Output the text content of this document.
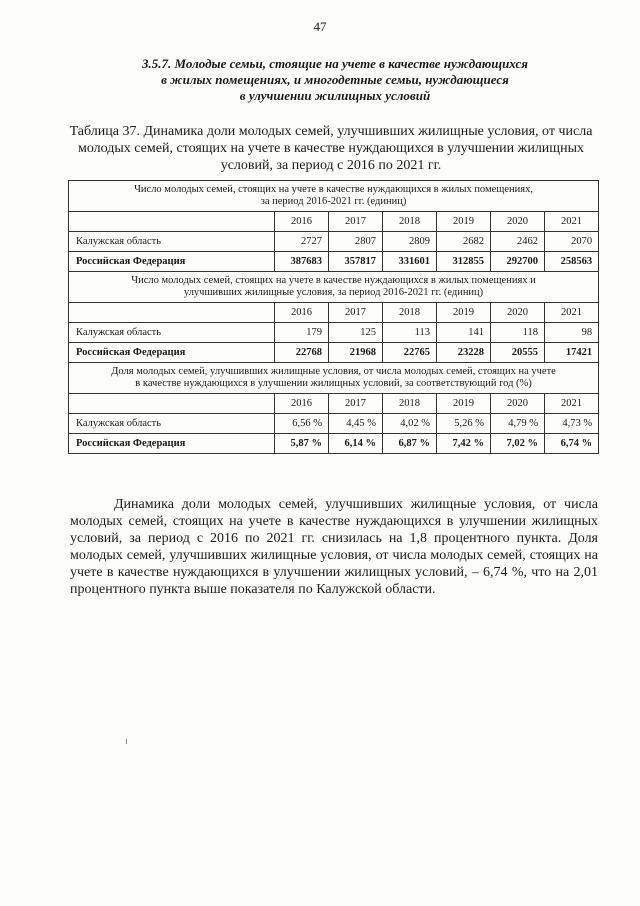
47
3.5.7. Молодые семьи, стоящие на учете в качестве нуждающихся
в жилых помещениях, и многодетные семьи, нуждающиеся
в улучшении жилищных условий
Таблица 37. Динамика доли молодых семей, улучшивших жилищные условия, от числа
молодых семей, стоящих на учете в качестве нуждающихся в улучшении жилищных
условий, за период с 2016 по 2021 гг.
Число молодых семей, стоящих на учете в качестве нуждающихся в жилых помещениях,
за период 2016-2021 гг. (единиц)						

	2016	2017	2018	2019	2020	2021
Калужская область	2727	2807	2809	2682	2462	2070
Российская Федерация	387683	357817	331601	312855	292700	258563

Число молодых семей, стоящих на учете в качестве нуждающихся в жилых помещениях и
улучшивших жилищные условия, за период 2016-2021 гг. (единиц)						

	2016	2017	2018	2019	2020	2021
Калужская область	179	125	113	141	118	98
Российская Федерация	22768	21968	22765	23228	20555	17421

Доля молодых семей, улучшивших жилищные условия, от числа молодых семей, стоящих на учете
в качестве нуждающихся в улучшении жилищных условий, за соответствующий год (%)						

	2016	2017	2018	2019	2020	2021
Калужская область	6,56 %	4,45 %	4,02 %	5,26 %	4,79 %	4,73 %
Российская Федерация	5,87 %	6,14 %	6,87 %	7,42 %	7,02 %	6,74 %

Динамика доли молодых семей, улучшивших жилищные условия, от числа молодых семей, стоящих на учете в качестве нуждающихся в улучшении жилищных условий, за период с 2016 по 2021 гг. снизилась на 1,8 процентного пункта. Доля молодых семей, улучшивших жилищные условия, от числа молодых семей, стоящих на учете в качестве нуждающихся в улучшении жилищных условий, – 6,74 %, что на 2,01 процентного пункта выше показателя по Калужской области.
